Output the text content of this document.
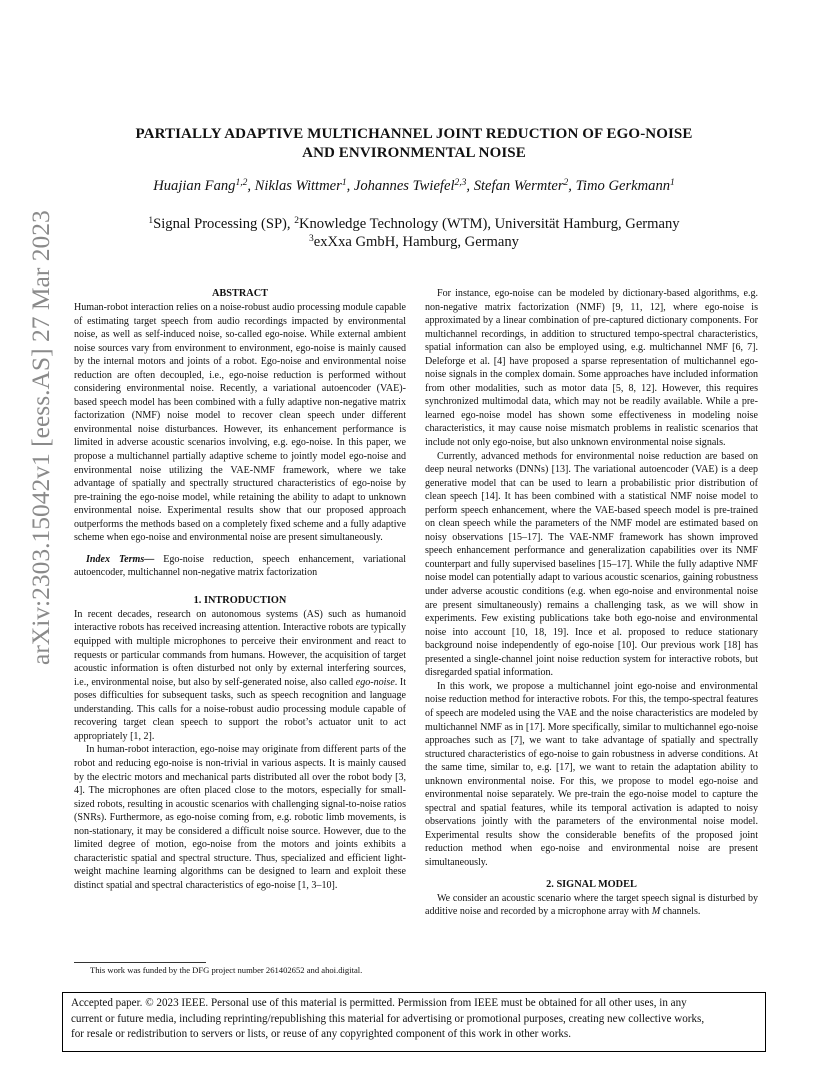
arXiv:2303.15042v1 [eess.AS] 27 Mar 2023
PARTIALLY ADAPTIVE MULTICHANNEL JOINT REDUCTION OF EGO-NOISE
AND ENVIRONMENTAL NOISE
Huajian Fang$^{1,2}$, Niklas Wittmer$^1$, Johannes Twiefel$^{2,3}$, Stefan Wermter$^2$, Timo Gerkmann$^1$
$^1$Signal Processing (SP), $^2$Knowledge Technology (WTM), Universität Hamburg, Germany
$^3$exXxa GmbH, Hamburg, Germany
ABSTRACT

Human-robot interaction relies on a noise-robust audio processing module capable of estimating target speech from audio recordings impacted by environmental noise, as well as self-induced noise, so-called ego-noise. While external ambient noise sources vary from environment to environment, ego-noise is mainly caused by the internal motors and joints of a robot. Ego-noise and environmental noise reduction are often decoupled, i.e., ego-noise reduction is performed without considering environmental noise. Recently, a variational autoencoder (VAE)-based speech model has been combined with a fully adaptive non-negative matrix factorization (NMF) noise model to recover clean speech under different environmental noise disturbances. However, its enhancement performance is limited in adverse acoustic scenarios involving, e.g. ego-noise. In this paper, we propose a multichannel partially adaptive scheme to jointly model ego-noise and environmental noise utilizing the VAE-NMF framework, where we take advantage of spatially and spectrally structured characteristics of ego-noise by pre-training the ego-noise model, while retaining the ability to adapt to unknown environmental noise. Experimental results show that our proposed approach outperforms the methods based on a completely fixed scheme and a fully adaptive scheme when ego-noise and environmental noise are present simultaneously.

Index Terms— Ego-noise reduction, speech enhancement, variational autoencoder, multichannel non-negative matrix factorization

1. INTRODUCTION

In recent decades, research on autonomous systems (AS) such as humanoid interactive robots has received increasing attention. Interactive robots are typically equipped with multiple microphones to perceive their environment and react to requests or particular commands from humans. However, the acquisition of target acoustic information is often disturbed not only by external interfering sources, i.e., environmental noise, but also by self-generated noise, also called ego-noise. It poses difficulties for subsequent tasks, such as speech recognition and language understanding. This calls for a noise-robust audio processing module capable of recovering target clean speech to support the robot’s actuator unit to act appropriately [1, 2].

In human-robot interaction, ego-noise may originate from different parts of the robot and reducing ego-noise is non-trivial in various aspects. It is mainly caused by the electric motors and mechanical parts distributed all over the robot body [3, 4]. The microphones are often placed close to the motors, especially for small-sized robots, resulting in acoustic scenarios with challenging signal-to-noise ratios (SNRs). Furthermore, as ego-noise coming from, e.g. robotic limb movements, is non-stationary, it may be considered a difficult noise source. However, due to the limited degree of motion, ego-noise from the motors and joints exhibits a characteristic spatial and spectral structure. Thus, specialized and efficient light-weight machine learning algorithms can be designed to learn and exploit these distinct spatial and spectral characteristics of ego-noise [1, 3–10].

For instance, ego-noise can be modeled by dictionary-based algorithms, e.g. non-negative matrix factorization (NMF) [9, 11, 12], where ego-noise is approximated by a linear combination of pre-captured dictionary components. For multichannel recordings, in addition to structured tempo-spectral characteristics, spatial information can also be employed using, e.g. multichannel NMF [6, 7]. Deleforge et al. [4] have proposed a sparse representation of multichannel ego-noise signals in the complex domain. Some approaches have included information from other modalities, such as motor data [5, 8, 12]. However, this requires synchronized multimodal data, which may not be readily available. While a pre-learned ego-noise model has shown some effectiveness in modeling noise characteristics, it may cause noise mismatch problems in realistic scenarios that include not only ego-noise, but also unknown environmental noise signals.

Currently, advanced methods for environmental noise reduction are based on deep neural networks (DNNs) [13]. The variational autoencoder (VAE) is a deep generative model that can be used to learn a probabilistic prior distribution of clean speech [14]. It has been combined with a statistical NMF noise model to perform speech enhancement, where the VAE-based speech model is pre-trained on clean speech while the parameters of the NMF model are estimated based on noisy observations [15–17]. The VAE-NMF framework has shown improved speech enhancement performance and generalization capabilities over its NMF counterpart and fully supervised baselines [15–17]. While the fully adaptive NMF noise model can potentially adapt to various acoustic scenarios, gaining robustness under adverse acoustic conditions (e.g. when ego-noise and environmental noise are present simultaneously) remains a challenging task, as we will show in experiments. Few existing publications take both ego-noise and environmental noise into account [10, 18, 19]. Ince et al. proposed to reduce stationary background noise independently of ego-noise [10]. Our previous work [18] has presented a single-channel joint noise reduction system for interactive robots, but disregarded spatial information.

In this work, we propose a multichannel joint ego-noise and environmental noise reduction method for interactive robots. For this, the tempo-spectral features of speech are modeled using the VAE and the noise characteristics are modeled by multichannel NMF as in [17]. More specifically, similar to multichannel ego-noise approaches such as [7], we want to take advantage of spatially and spectrally structured characteristics of ego-noise to gain robustness in adverse conditions. At the same time, similar to, e.g. [17], we want to retain the adaptation ability to unknown environmental noise. For this, we propose to model ego-noise and environmental noise separately. We pre-train the ego-noise model to capture the spectral and spatial features, while its temporal activation is adapted to noisy observations jointly with the parameters of the environmental noise model. Experimental results show the considerable benefits of the proposed joint reduction method when ego-noise and environmental noise are present simultaneously.

2. SIGNAL MODEL

We consider an acoustic scenario where the target speech signal is disturbed by additive noise and recorded by a microphone array with M channels.

This work was funded by the DFG project number 261402652 and ahoi.digital.
Accepted paper. © 2023 IEEE. Personal use of this material is permitted. Permission from IEEE must be obtained for all other uses, in any
current or future media, including reprinting/republishing this material for advertising or promotional purposes, creating new collective works,
for resale or redistribution to servers or lists, or reuse of any copyrighted component of this work in other works.
